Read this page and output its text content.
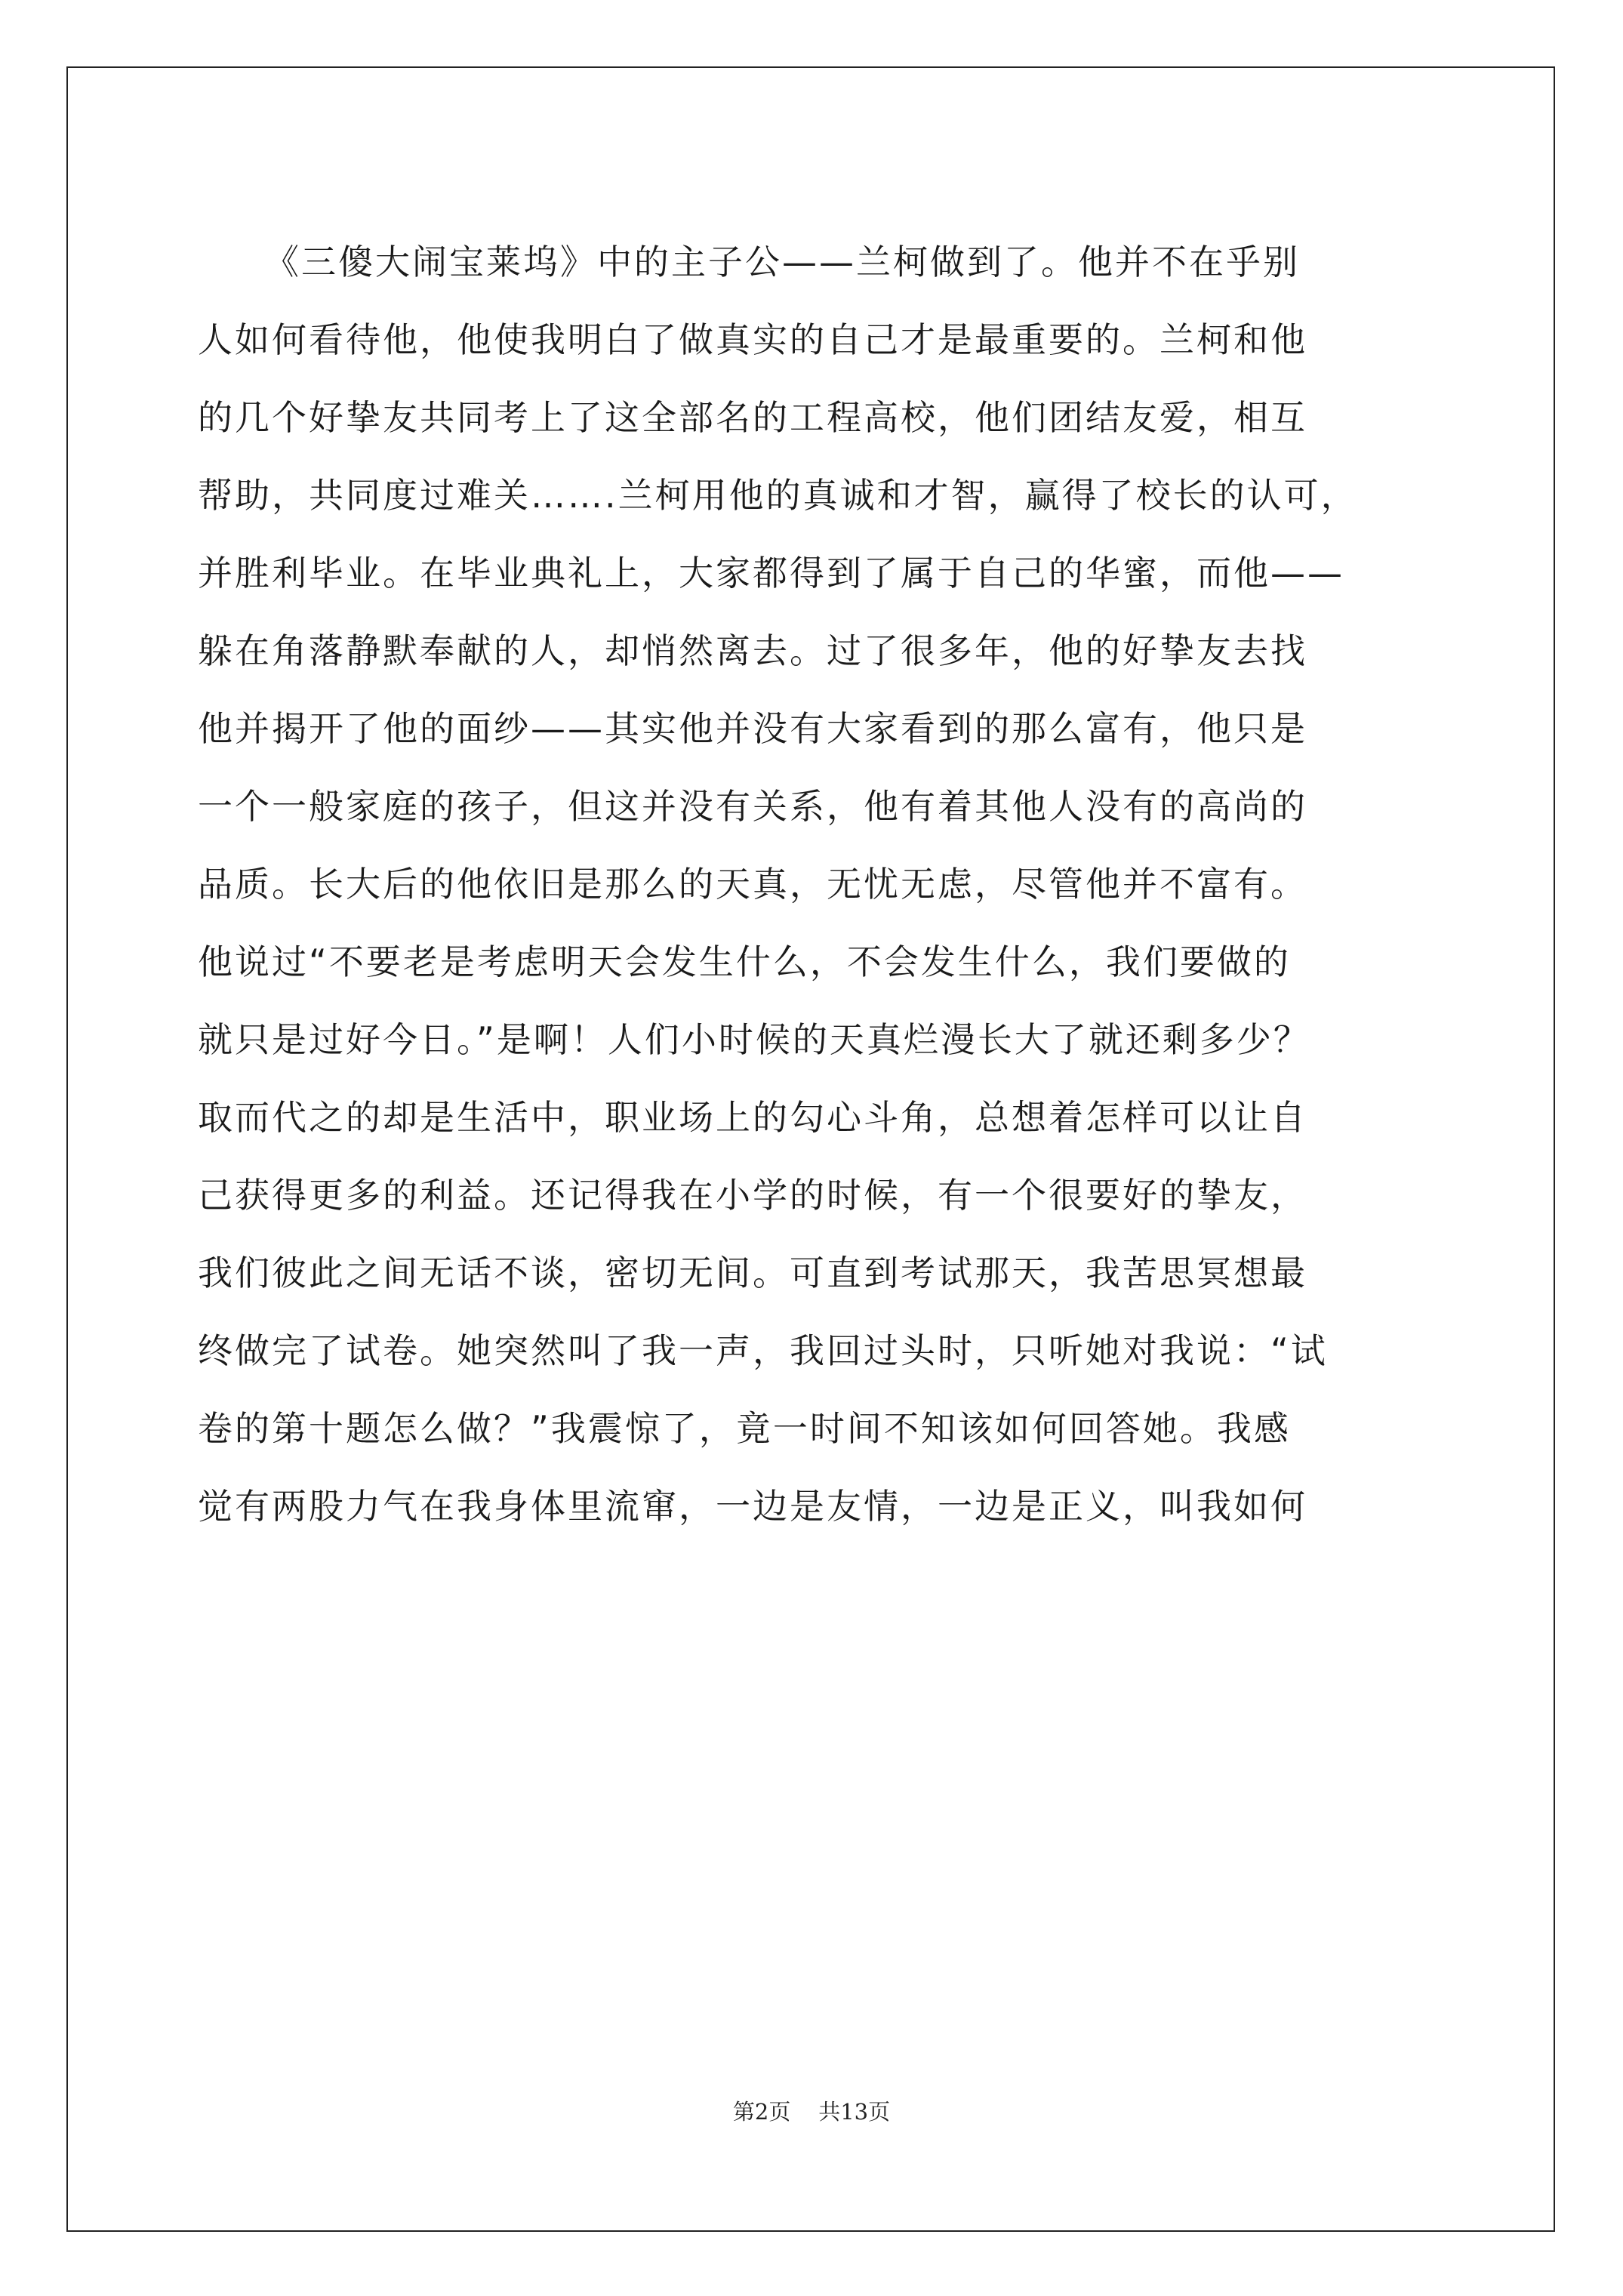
《三傻大闹宝莱坞》中的主子公——兰柯做到了。他并不在乎别
人如何看待他，他使我明白了做真实的自己才是最重要的。兰柯和他
的几个好挚友共同考上了这全部名的工程高校，他们团结友爱，相互
帮助，共同度过难关…….兰柯用他的真诚和才智，赢得了校长的认可，
并胜利毕业。在毕业典礼上，大家都得到了属于自己的华蜜，而他——
躲在角落静默奉献的人，却悄然离去。过了很多年，他的好挚友去找
他并揭开了他的面纱——其实他并没有大家看到的那么富有，他只是
一个一般家庭的孩子，但这并没有关系，他有着其他人没有的高尚的
品质。长大后的他依旧是那么的天真，无忧无虑，尽管他并不富有。
他说过“不要老是考虑明天会发生什么，不会发生什么，我们要做的
就只是过好今日。”是啊！人们小时候的天真烂漫长大了就还剩多少？
取而代之的却是生活中，职业场上的勾心斗角，总想着怎样可以让自
己获得更多的利益。还记得我在小学的时候，有一个很要好的挚友，
我们彼此之间无话不谈，密切无间。可直到考试那天，我苦思冥想最
终做完了试卷。她突然叫了我一声，我回过头时，只听她对我说：“试
卷的第十题怎么做？”我震惊了，竟一时间不知该如何回答她。我感
觉有两股力气在我身体里流窜，一边是友情，一边是正义，叫我如何
第2页    共13页
